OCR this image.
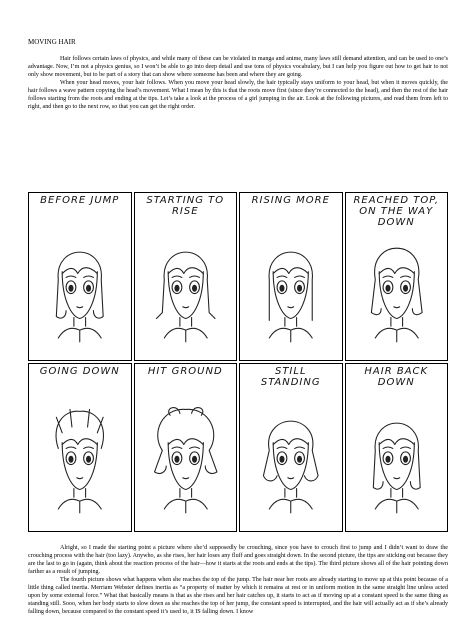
MOVING HAIR

Hair follows certain laws of physics, and while many of these can be violated in manga and anime, many laws still demand attention, and can be used to one’s advantage. Now, I’m not a physics genius, so I won’t be able to go into deep detail and use tons of physics vocabulary, but I can help you figure out how to get hair to not only show movement, but to be part of a story that can show where someone has been and where they are going.

When your head moves, your hair follows. When you move your head slowly, the hair typically stays uniform to your head, but when it moves quickly, the hair follows a wave pattern copying the head’s movement. What I mean by this is that the roots move first (since they’re connected to the head), and then the rest of the hair follows starting from the roots and ending at the tips. Let’s take a look at the process of a girl jumping in the air. Look at the following pictures, and read them from left to right, and then go to the next row, so that you can get the right order.

BEFORE JUMP	STARTING TO RISE
RISING MORE	REACHED TOP, ON THE WAY DOWN
GOING DOWN	HIT GROUND	STILL STANDING
HAIR BACK DOWN

Alright, so I made the starting point a picture where she’d supposedly be crouching, since you have to crouch first to jump and I didn’t want to draw the crouching process with the hair (too lazy). Anywho, as she rises, her hair loses any fluff and goes straight down. In the second picture, the tips are sticking out because they are the last to go in (again, think about the reaction process of the hair—how it starts at the roots and ends at the tips). The third picture shows all of the hair pointing down farther as a result of jumping.

The fourth picture shows what happens when she reaches the top of the jump. The hair near her roots are already starting to move up at this point because of a little thing called inertia. Merriam Webster defines inertia as “a property of matter by which it remains at rest or in uniform motion in the same straight line unless acted upon by some external force.” What that basically means is that as she rises and her hair catches up, it starts to act as if moving up at a constant speed is the same thing as standing still. Sooo, when her body starts to slow down as she reaches the top of her jump, the constant speed is interrupted, and the hair will actually act as if she’s already falling down, because compared to the constant speed it’s used to, it IS falling down. I know
